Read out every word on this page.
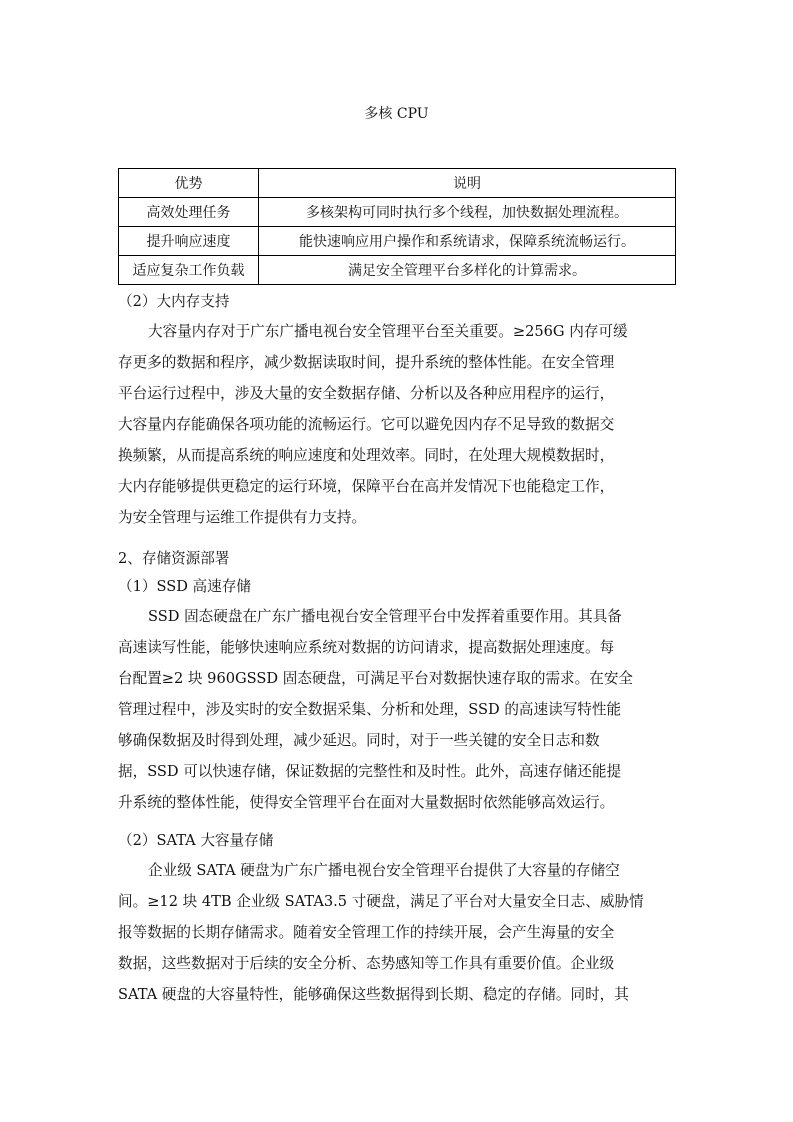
多核 CPU
优势	说明
高效处理任务	多核架构可同时执行多个线程，加快数据处理流程。
提升响应速度	能快速响应用户操作和系统请求，保障系统流畅运行。
适应复杂工作负载	满足安全管理平台多样化的计算需求。
（2）大内存支持
大容量内存对于广东广播电视台安全管理平台至关重要。≥256G 内存可缓
存更多的数据和程序，减少数据读取时间，提升系统的整体性能。在安全管理
平台运行过程中，涉及大量的安全数据存储、分析以及各种应用程序的运行，
大容量内存能确保各项功能的流畅运行。它可以避免因内存不足导致的数据交
换频繁，从而提高系统的响应速度和处理效率。同时，在处理大规模数据时，
大内存能够提供更稳定的运行环境，保障平台在高并发情况下也能稳定工作，
为安全管理与运维工作提供有力支持。
2、存储资源部署
（1）SSD 高速存储
SSD 固态硬盘在广东广播电视台安全管理平台中发挥着重要作用。其具备
高速读写性能，能够快速响应系统对数据的访问请求，提高数据处理速度。每
台配置≥2 块 960GSSD 固态硬盘，可满足平台对数据快速存取的需求。在安全
管理过程中，涉及实时的安全数据采集、分析和处理，SSD 的高速读写特性能
够确保数据及时得到处理，减少延迟。同时，对于一些关键的安全日志和数
据，SSD 可以快速存储，保证数据的完整性和及时性。此外，高速存储还能提
升系统的整体性能，使得安全管理平台在面对大量数据时依然能够高效运行。
（2）SATA 大容量存储
企业级 SATA 硬盘为广东广播电视台安全管理平台提供了大容量的存储空
间。≥12 块 4TB 企业级 SATA3.5 寸硬盘，满足了平台对大量安全日志、威胁情
报等数据的长期存储需求。随着安全管理工作的持续开展，会产生海量的安全
数据，这些数据对于后续的安全分析、态势感知等工作具有重要价值。企业级
SATA 硬盘的大容量特性，能够确保这些数据得到长期、稳定的存储。同时，其
